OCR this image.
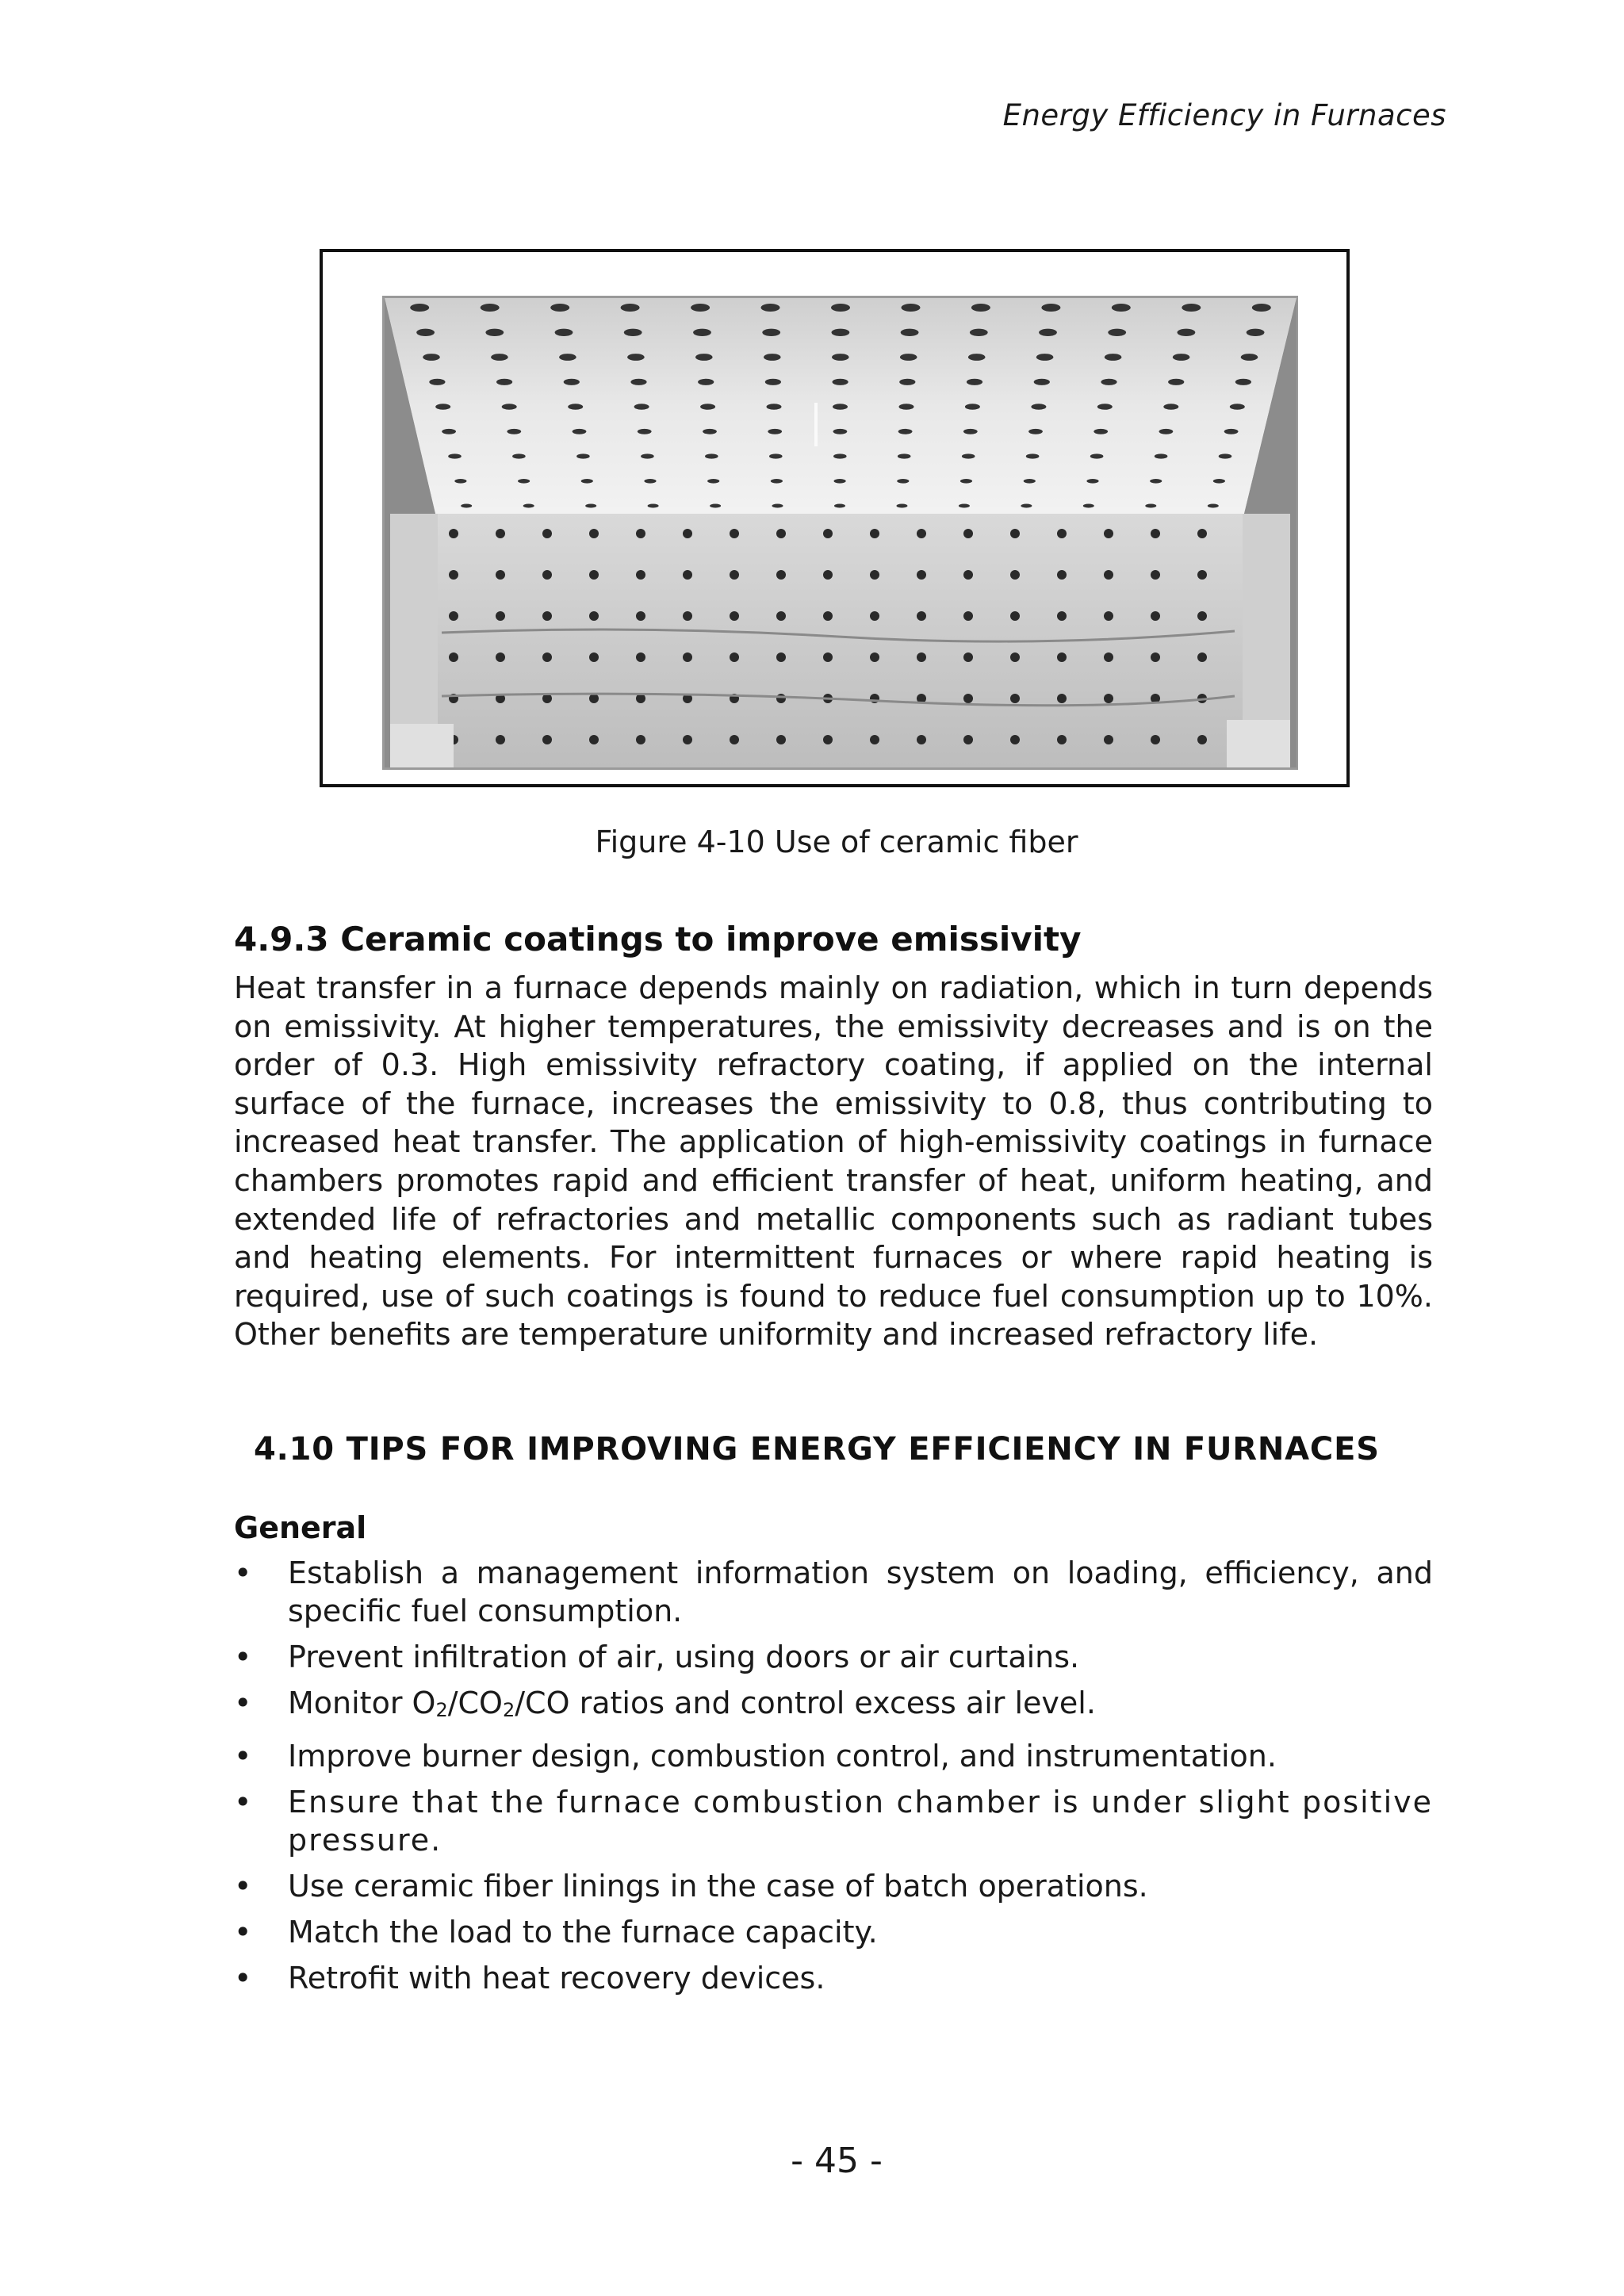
Energy Efficiency in Furnaces
Figure 4-10 Use of ceramic fiber
4.9.3 Ceramic coatings to improve emissivity

Heat transfer in a furnace depends mainly on radiation, which in turn depends on emissivity. At higher temperatures, the emissivity decreases and is on the order of 0.3. High emissivity refractory coating, if applied on the internal surface of the furnace, increases the emissivity to 0.8, thus contributing to increased heat transfer. The application of high-emissivity coatings in furnace chambers promotes rapid and efficient transfer of heat, uniform heating, and extended life of refractories and metallic components such as radiant tubes and heating elements. For intermittent furnaces or where rapid heating is required, use of such coatings is found to reduce fuel consumption up to 10%. Other benefits are temperature uniformity and increased refractory life.

4.10 TIPS FOR IMPROVING ENERGY EFFICIENCY IN FURNACES
General
• Establish a management information system on loading, efficiency, and specific fuel consumption.
• Prevent infiltration of air, using doors or air curtains.
• Monitor $O_2/CO_2/CO$ ratios and control excess air level.
• Improve burner design, combustion control, and instrumentation.
• Ensure that the furnace combustion chamber is under slight positive pressure.
• Use ceramic fiber linings in the case of batch operations.
• Match the load to the furnace capacity.
• Retrofit with heat recovery devices.
- 45 -
